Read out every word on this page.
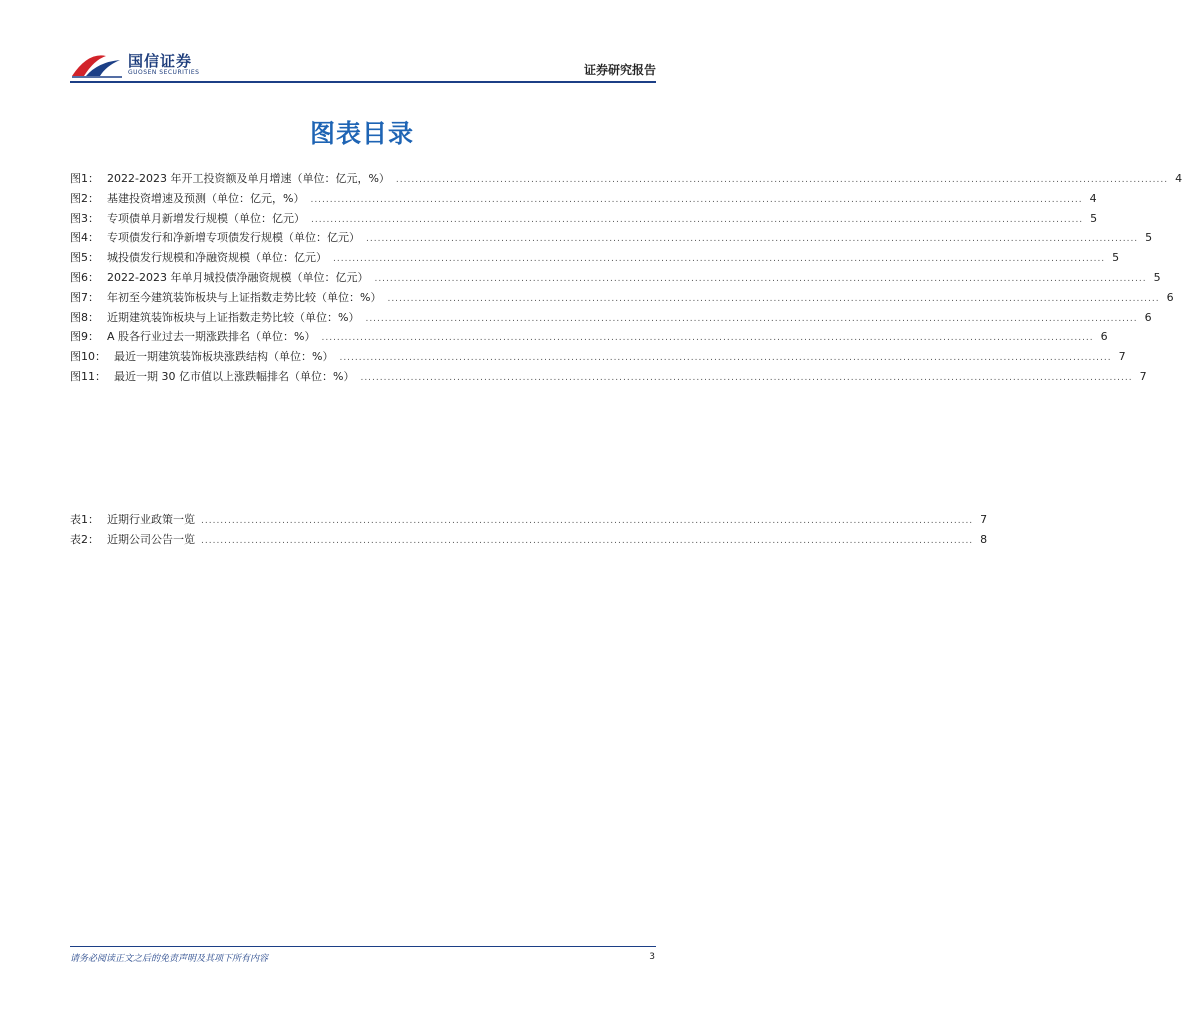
国信证券
GUOSEN SECURITIES	证券研究报告
图表目录
图1： 2022-2023 年开工投资额及单月增速（单位：亿元，%） ........................................................................................................................................................................................................ 4
图2： 基建投资增速及预测（单位：亿元，%） ........................................................................................................................................................................................................ 4
图3： 专项债单月新增发行规模（单位：亿元） ........................................................................................................................................................................................................ 5
图4： 专项债发行和净新增专项债发行规模（单位：亿元） ........................................................................................................................................................................................................ 5
图5： 城投债发行规模和净融资规模（单位：亿元） ........................................................................................................................................................................................................ 5
图6： 2022-2023 年单月城投债净融资规模（单位：亿元） ........................................................................................................................................................................................................ 5
图7： 年初至今建筑装饰板块与上证指数走势比较（单位：%） ........................................................................................................................................................................................................ 6
图8： 近期建筑装饰板块与上证指数走势比较（单位：%） ........................................................................................................................................................................................................ 6
图9： A 股各行业过去一期涨跌排名（单位：%） ........................................................................................................................................................................................................ 6
图10： 最近一期建筑装饰板块涨跌结构（单位：%） ........................................................................................................................................................................................................ 7
图11： 最近一期 30 亿市值以上涨跌幅排名（单位：%） ........................................................................................................................................................................................................ 7
表1： 近期行业政策一览 ........................................................................................................................................................................................................ 7
表2： 近期公司公告一览 ........................................................................................................................................................................................................ 8
请务必阅读正文之后的免责声明及其项下所有内容	3
